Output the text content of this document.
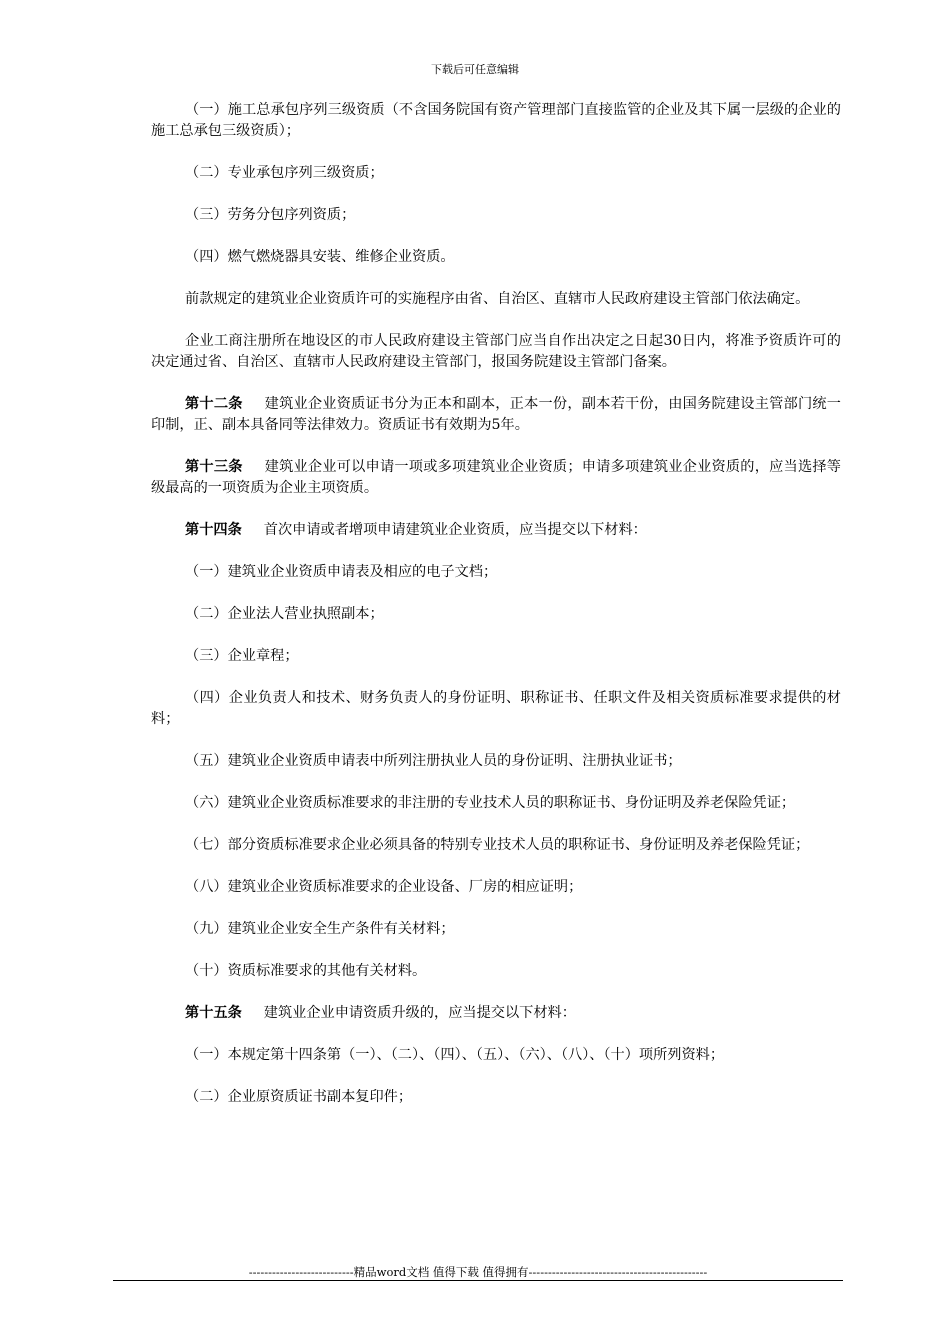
下载后可任意编辑

（一）施工总承包序列三级资质（不含国务院国有资产管理部门直接监管的企业及其下属一层级的企业的施工总承包三级资质）；

（二）专业承包序列三级资质；

（三）劳务分包序列资质；

（四）燃气燃烧器具安装、维修企业资质。

前款规定的建筑业企业资质许可的实施程序由省、自治区、直辖市人民政府建设主管部门依法确定。

企业工商注册所在地设区的市人民政府建设主管部门应当自作出决定之日起30日内，将准予资质许可的决定通过省、自治区、直辖市人民政府建设主管部门，报国务院建设主管部门备案。

第十二条 建筑业企业资质证书分为正本和副本，正本一份，副本若干份，由国务院建设主管部门统一印制，正、副本具备同等法律效力。资质证书有效期为5年。

第十三条 建筑业企业可以申请一项或多项建筑业企业资质；申请多项建筑业企业资质的，应当选择等级最高的一项资质为企业主项资质。

第十四条 首次申请或者增项申请建筑业企业资质，应当提交以下材料：

（一）建筑业企业资质申请表及相应的电子文档；

（二）企业法人营业执照副本；

（三）企业章程；

（四）企业负责人和技术、财务负责人的身份证明、职称证书、任职文件及相关资质标准要求提供的材料；

（五）建筑业企业资质申请表中所列注册执业人员的身份证明、注册执业证书；

（六）建筑业企业资质标准要求的非注册的专业技术人员的职称证书、身份证明及养老保险凭证；

（七）部分资质标准要求企业必须具备的特别专业技术人员的职称证书、身份证明及养老保险凭证；

（八）建筑业企业资质标准要求的企业设备、厂房的相应证明；

（九）建筑业企业安全生产条件有关材料；

（十）资质标准要求的其他有关材料。

第十五条 建筑业企业申请资质升级的，应当提交以下材料：

（一）本规定第十四条第（一）、（二）、（四）、（五）、（六）、（八）、（十）项所列资料；

（二）企业原资质证书副本复印件；

---------------------------精品word文档 值得下载 值得拥有----------------------------------------------
